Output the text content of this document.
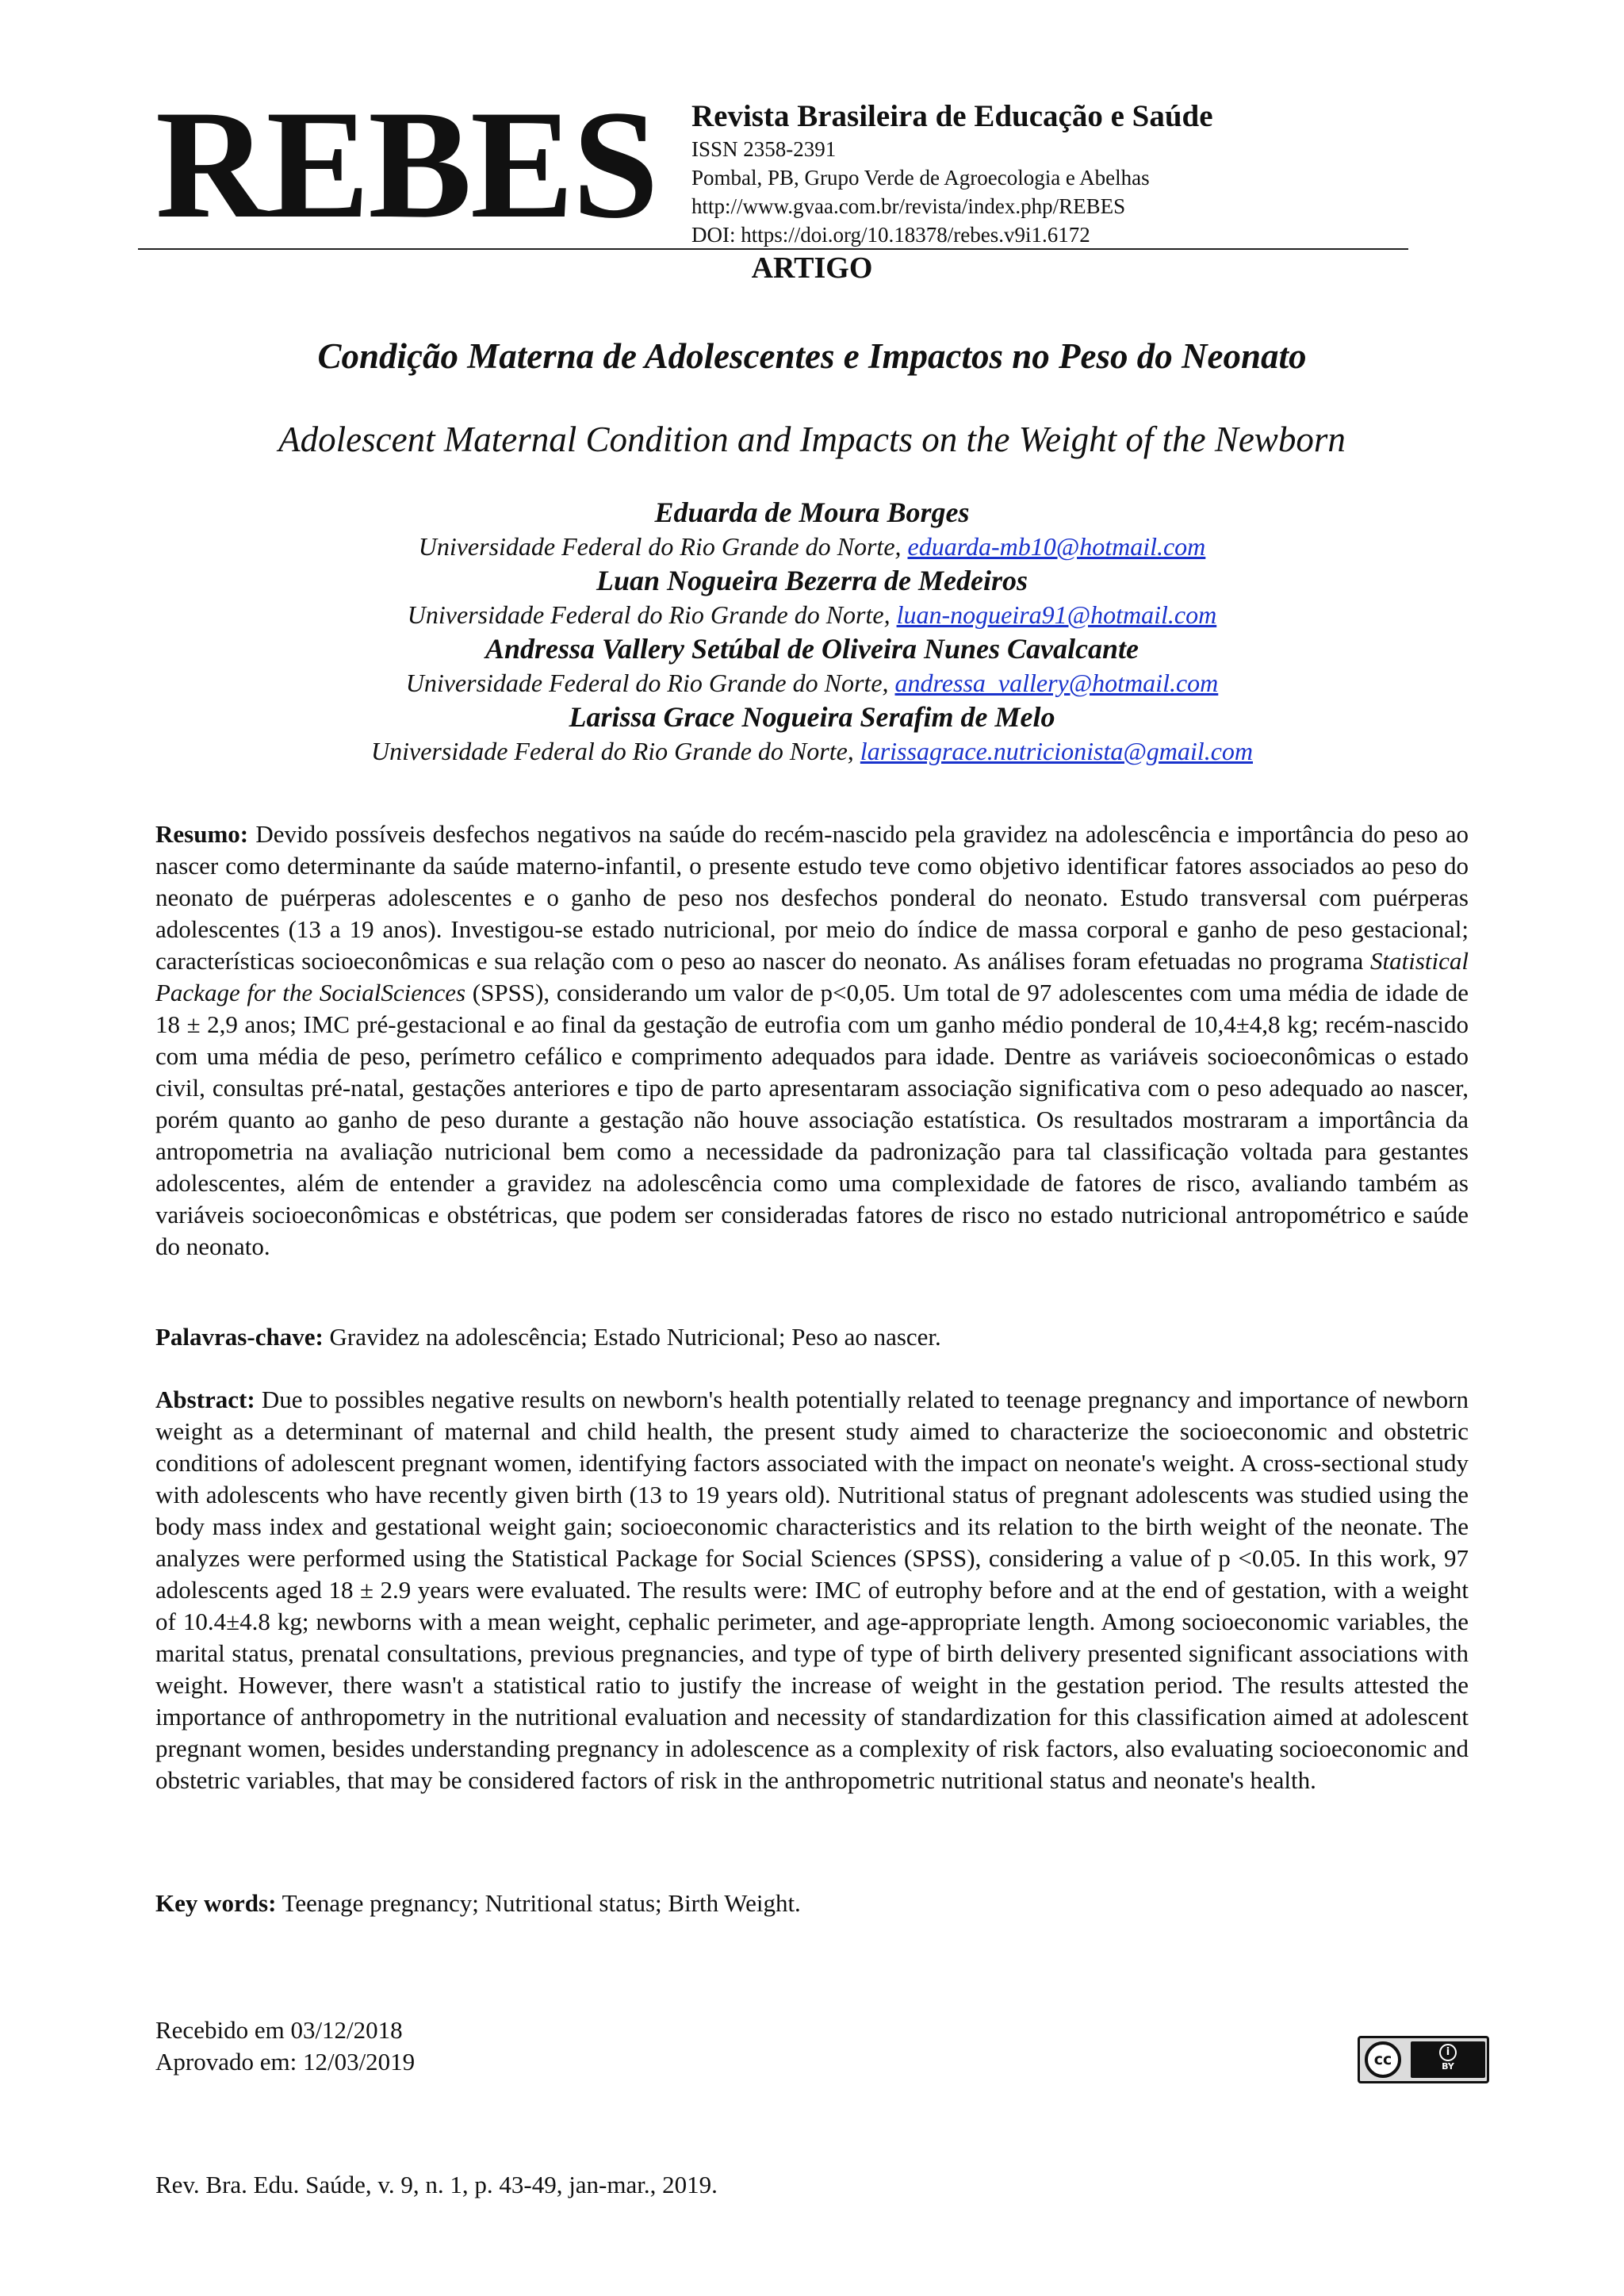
REBES Revista Brasileira de Educação e Saúde
ISSN 2358-2391
Pombal, PB, Grupo Verde de Agroecologia e Abelhas
http://www.gvaa.com.br/revista/index.php/REBES
DOI: https://doi.org/10.18378/rebes.v9i1.6172
ARTIGO
Condição Materna de Adolescentes e Impactos no Peso do Neonato
Adolescent Maternal Condition and Impacts on the Weight of the Newborn
Eduarda de Moura Borges
Universidade Federal do Rio Grande do Norte, eduarda-mb10@hotmail.com
Luan Nogueira Bezerra de Medeiros
Universidade Federal do Rio Grande do Norte, luan-nogueira91@hotmail.com
Andressa Vallery Setúbal de Oliveira Nunes Cavalcante
Universidade Federal do Rio Grande do Norte, andressa_vallery@hotmail.com
Larissa Grace Nogueira Serafim de Melo
Universidade Federal do Rio Grande do Norte, larissagrace.nutricionista@gmail.com
Resumo: Devido possíveis desfechos negativos na saúde do recém-nascido pela gravidez na adolescência e importância do peso ao nascer como determinante da saúde materno-infantil, o presente estudo teve como objetivo identificar fatores associados ao peso do neonato de puérperas adolescentes e o ganho de peso nos desfechos ponderal do neonato. Estudo transversal com puérperas adolescentes (13 a 19 anos). Investigou-se estado nutricional, por meio do índice de massa corporal e ganho de peso gestacional; características socioeconômicas e sua relação com o peso ao nascer do neonato. As análises foram efetuadas no programa Statistical Package for the SocialSciences (SPSS), considerando um valor de p<0,05. Um total de 97 adolescentes com uma média de idade de 18 ± 2,9 anos; IMC pré-gestacional e ao final da gestação de eutrofia com um ganho médio ponderal de 10,4±4,8 kg; recém-nascido com uma média de peso, perímetro cefálico e comprimento adequados para idade. Dentre as variáveis socioeconômicas o estado civil, consultas pré-natal, gestações anteriores e tipo de parto apresentaram associação significativa com o peso adequado ao nascer, porém quanto ao ganho de peso durante a gestação não houve associação estatística. Os resultados mostraram a importância da antropometria na avaliação nutricional bem como a necessidade da padronização para tal classificação voltada para gestantes adolescentes, além de entender a gravidez na adolescência como uma complexidade de fatores de risco, avaliando também as variáveis socioeconômicas e obstétricas, que podem ser consideradas fatores de risco no estado nutricional antropométrico e saúde do neonato.
Palavras-chave: Gravidez na adolescência; Estado Nutricional; Peso ao nascer.
Abstract: Due to possibles negative results on newborn's health potentially related to teenage pregnancy and importance of newborn weight as a determinant of maternal and child health, the present study aimed to characterize the socioeconomic and obstetric conditions of adolescent pregnant women, identifying factors associated with the impact on neonate's weight. A cross-sectional study with adolescents who have recently given birth (13 to 19 years old). Nutritional status of pregnant adolescents was studied using the body mass index and gestational weight gain; socioeconomic characteristics and its relation to the birth weight of the neonate. The analyzes were performed using the Statistical Package for Social Sciences (SPSS), considering a value of p <0.05. In this work, 97 adolescents aged 18 ± 2.9 years were evaluated. The results were: IMC of eutrophy before and at the end of gestation, with a weight of 10.4±4.8 kg; newborns with a mean weight, cephalic perimeter, and age-appropriate length. Among socioeconomic variables, the marital status, prenatal consultations, previous pregnancies, and type of type of birth delivery presented significant associations with weight. However, there wasn't a statistical ratio to justify the increase of weight in the gestation period. The results attested the importance of anthropometry in the nutritional evaluation and necessity of standardization for this classification aimed at adolescent pregnant women, besides understanding pregnancy in adolescence as a complexity of risk factors, also evaluating socioeconomic and obstetric variables, that may be considered factors of risk in the anthropometric nutritional status and neonate's health.
Key words: Teenage pregnancy; Nutritional status; Birth Weight.
Recebido em 03/12/2018
Aprovado em: 12/03/2019	cc	i
BY
Rev. Bra. Edu. Saúde, v. 9, n. 1, p. 43-49, jan-mar., 2019.
